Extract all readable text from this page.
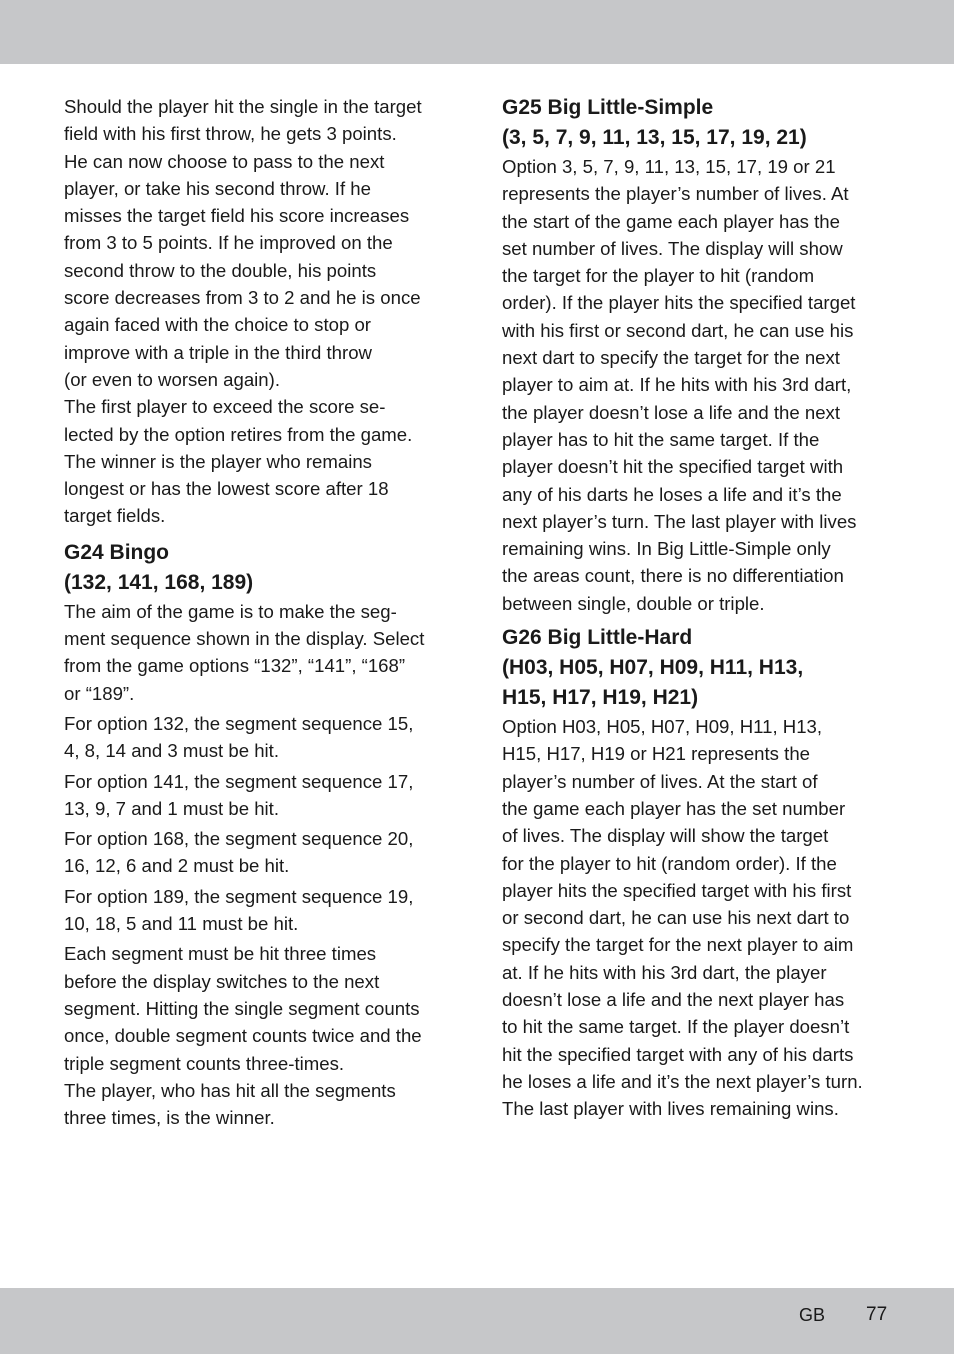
Should the player hit the single in the target
field with his first throw, he gets 3 points.
He can now choose to pass to the next
player, or take his second throw. If he
misses the target field his score increases
from 3 to 5 points. If he improved on the
second throw to the double, his points
score decreases from 3 to 2 and he is once
again faced with the choice to stop or
improve with a triple in the third throw
(or even to worsen again).
The first player to exceed the score se-
lected by the option retires from the game.
The winner is the player who remains
longest or has the lowest score after 18
target fields.

G24 Bingo
(132, 141, 168, 189)

The aim of the game is to make the seg-
ment sequence shown in the display. Select
from the game options “132”, “141”, “168”
or “189”.

For option 132, the segment sequence 15,
4, 8, 14 and 3 must be hit.

For option 141, the segment sequence 17,
13, 9, 7 and 1 must be hit.

For option 168, the segment sequence 20,
16, 12, 6 and 2 must be hit.

For option 189, the segment sequence 19,
10, 18, 5 and 11 must be hit.

Each segment must be hit three times
before the display switches to the next
segment. Hitting the single segment counts
once, double segment counts twice and the
triple segment counts three-times.
The player, who has hit all the segments
three times, is the winner.

G25 Big Little-Simple
(3, 5, 7, 9, 11, 13, 15, 17, 19, 21)

Option 3, 5, 7, 9, 11, 13, 15, 17, 19 or 21
represents the player’s number of lives. At
the start of the game each player has the
set number of lives. The display will show
the target for the player to hit (random
order). If the player hits the specified target
with his first or second dart, he can use his
next dart to specify the target for the next
player to aim at. If he hits with his 3rd dart,
the player doesn’t lose a life and the next
player has to hit the same target. If the
player doesn’t hit the specified target with
any of his darts he loses a life and it’s the
next player’s turn. The last player with lives
remaining wins. In Big Little-Simple only
the areas count, there is no differentiation
between single, double or triple.

G26 Big Little-Hard
(H03, H05, H07, H09, H11, H13,
H15, H17, H19, H21)

Option H03, H05, H07, H09, H11, H13,
H15, H17, H19 or H21 represents the
player’s number of lives. At the start of
the game each player has the set number
of lives. The display will show the target
for the player to hit (random order). If the
player hits the specified target with his first
or second dart, he can use his next dart to
specify the target for the next player to aim
at. If he hits with his 3rd dart, the player
doesn’t lose a life and the next player has
to hit the same target. If the player doesn’t
hit the specified target with any of his darts
he loses a life and it’s the next player’s turn.
The last player with lives remaining wins.

GB 77
